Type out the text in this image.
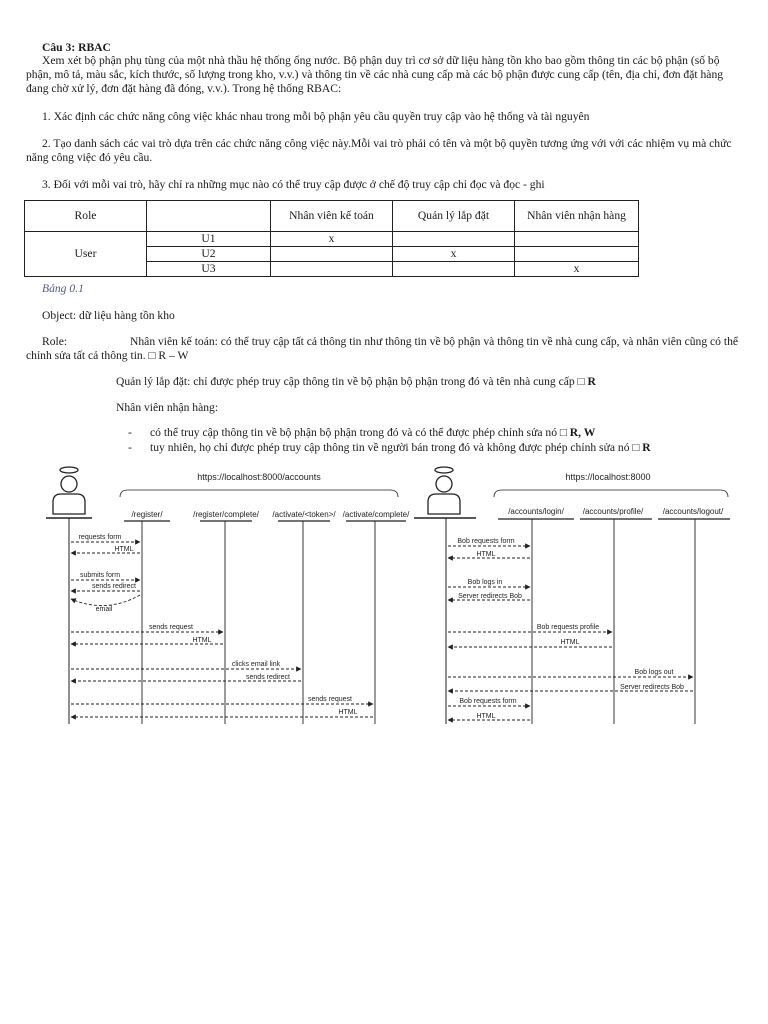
Câu 3: RBAC

Xem xét bộ phận phụ tùng của một nhà thầu hệ thống ống nước. Bộ phận duy trì cơ sở dữ liệu hàng tồn kho bao gồm thông tin các bộ phận (số bộ phận, mô tả, màu sắc, kích thước, số lượng trong kho, v.v.) và thông tin về các nhà cung cấp mà các bộ phận được cung cấp (tên, địa chỉ, đơn đặt hàng đang chờ xử lý, đơn đặt hàng đã đóng, v.v.). Trong hệ thống RBAC:

1. Xác định các chức năng công việc khác nhau trong mỗi bộ phận yêu cầu quyền truy cập vào hệ thống và tài nguyên

2. Tạo danh sách các vai trò dựa trên các chức năng công việc này.Mỗi vai trò phải có tên và một bộ quyền tương ứng với với các nhiệm vụ mà chức năng công việc đó yêu cầu.

3. Đối với mỗi vai trò, hãy chỉ ra những mục nào có thể truy cập được ở chế độ truy cập chỉ đọc và đọc - ghi

Role		Nhân viên kế toán	Quản lý lắp đặt	Nhân viên nhận hàng
User	U1	x		
	U2		x	
	U3			x

Bảng 0.1

Object: dữ liệu hàng tồn kho

Role:	Nhân viên kế toán: có thể truy cập tất cả thông tin như thông tin về bộ phận và thông tin về nhà cung cấp, và nhân viên cũng có thể chỉnh sửa tất cả thông tin. □ R – W

Quản lý lắp đặt: chỉ được phép truy cập thông tin về bộ phận bộ phận trong đó và tên nhà cung cấp □ R

Nhân viên nhận hàng:

- có thể truy cập thông tin về bộ phận bộ phận trong đó và có thể được phép chỉnh sửa nó □ R, W

- tuy nhiên, họ chỉ được phép truy cập thông tin về người bán trong đó và không được phép chỉnh sửa nó □ R

https://localhost:8000/accounts
/register/	/register/complete/ /activate/<token>/ /activate/complete/
requests form
HTML
submits form
sends redirect
email
sends request
HTML
clicks email link
sends redirect
sends request
HTML
https://localhost:8000
/accounts/login/ /accounts/profile/ /accounts/logout/
Bob requests form
HTML
Bob logs in
Server redirects Bob
Bob requests profile
HTML
Bob logs out
Server redirects Bob
Bob requests form
HTML
